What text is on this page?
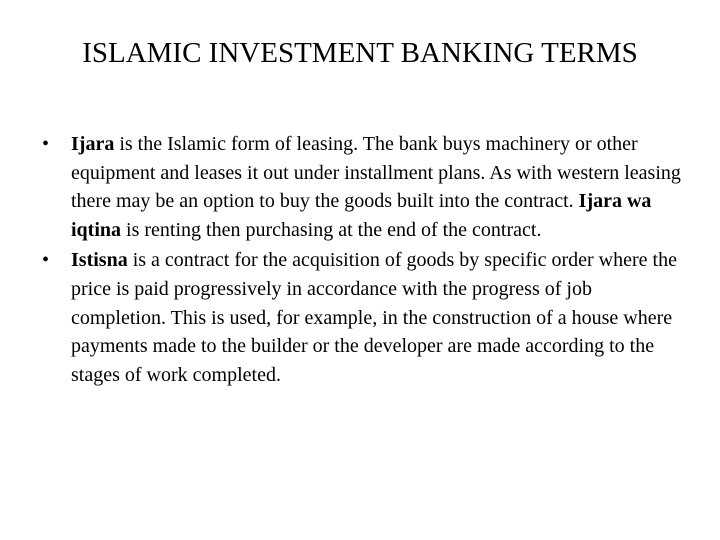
ISLAMIC INVESTMENT BANKING TERMS
• Ijara is the Islamic form of leasing. The bank buys machinery or other equipment and leases it out under installment plans. As with western leasing there may be an option to buy the goods built into the contract. Ijara wa iqtina is renting then purchasing at the end of the contract.
• Istisna is a contract for the acquisition of goods by specific order where the price is paid progressively in accordance with the progress of job completion. This is used, for example, in the construction of a house where payments made to the builder or the developer are made according to the stages of work completed.
